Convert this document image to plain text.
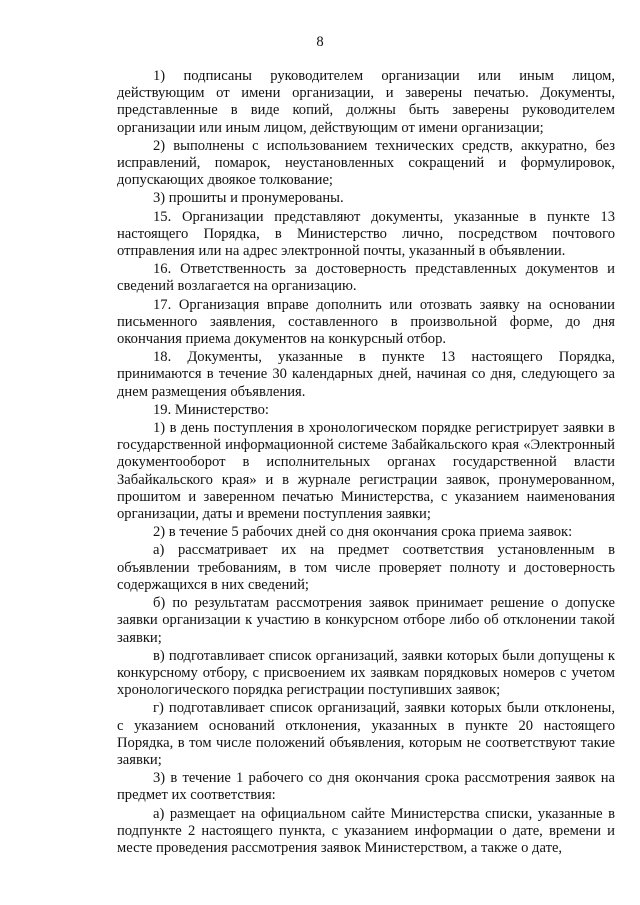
8

1) подписаны руководителем организации или иным лицом, действующим от имени организации, и заверены печатью. Документы, представленные в виде копий, должны быть заверены руководителем организации или иным лицом, действующим от имени организации;

2) выполнены с использованием технических средств, аккуратно, без исправлений, помарок, неустановленных сокращений и формулировок, допускающих двоякое толкование;

3) прошиты и пронумерованы.

15. Организации представляют документы, указанные в пункте 13 настоящего Порядка, в Министерство лично, посредством почтового отправления или на адрес электронной почты, указанный в объявлении.

16. Ответственность за достоверность представленных документов и сведений возлагается на организацию.

17. Организация вправе дополнить или отозвать заявку на основании письменного заявления, составленного в произвольной форме, до дня окончания приема документов на конкурсный отбор.

18. Документы, указанные в пункте 13 настоящего Порядка, принимаются в течение 30 календарных дней, начиная со дня, следующего за днем размещения объявления.

19. Министерство:

1) в день поступления в хронологическом порядке регистрирует заявки в государственной информационной системе Забайкальского края «Электронный документооборот в исполнительных органах государственной власти Забайкальского края» и в журнале регистрации заявок, пронумерованном, прошитом и заверенном печатью Министерства, с указанием наименования организации, даты и времени поступления заявки;

2) в течение 5 рабочих дней со дня окончания срока приема заявок:

а) рассматривает их на предмет соответствия установленным в объявлении требованиям, в том числе проверяет полноту и достоверность содержащихся в них сведений;

б) по результатам рассмотрения заявок принимает решение о допуске заявки организации к участию в конкурсном отборе либо об отклонении такой заявки;

в) подготавливает список организаций, заявки которых были допущены к конкурсному отбору, с присвоением их заявкам порядковых номеров с учетом хронологического порядка регистрации поступивших заявок;

г) подготавливает список организаций, заявки которых были отклонены, с указанием оснований отклонения, указанных в пункте 20 настоящего Порядка, в том числе положений объявления, которым не соответствуют такие заявки;

3) в течение 1 рабочего со дня окончания срока рассмотрения заявок на предмет их соответствия:

а) размещает на официальном сайте Министерства списки, указанные в подпункте 2 настоящего пункта, с указанием информации о дате, времени и месте проведения рассмотрения заявок Министерством, а также о дате,
